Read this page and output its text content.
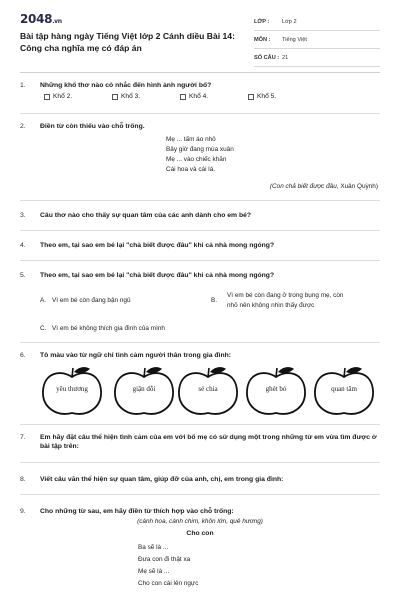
2048.vn
Bài tập hàng ngày Tiếng Việt lớp 2 Cánh diều Bài 14: Công cha nghĩa mẹ có đáp án
LỚP :	Lớp 2
MÔN :	Tiếng Việt
SỐ CÂU : 21
1.	Những khổ thơ nào có nhắc đến hình ảnh người bố?
Khổ 2.	Khổ 3.	Khổ 4.	Khổ 5.
2.	Điền từ còn thiếu vào chỗ trống.
Mẹ ... tấm áo nhỏ
Bây giờ đang mùa xuân
Mẹ ... vào chiếc khăn
Cái hoa và cái lá.
(Con chả biết được đâu, Xuân Quỳnh)
3.	Câu thơ nào cho thấy sự quan tâm của các anh dành cho em bé?
4.	Theo em, tại sao em bé lại "chả biết được đâu" khi cả nhà mong ngóng?
5.	Theo em, tại sao em bé lại "chả biết được đâu" khi cả nhà mong ngóng?
A. Vì em bé còn đang bận ngủ	B.
Vì em bé còn đang ở trong bụng mẹ, còn
nhỏ nên không nhìn thấy được
C. Vì em bé không thích gia đình của mình
6.	Tô màu vào từ ngữ chỉ tình cảm người thân trong gia đình:
yêu thương	giận dỗi	sẻ chia	ghét bỏ	quan tâm
7.	Em hãy đặt câu thể hiện tình cảm của em với bố mẹ có sử dụng một trong những từ em vừa tìm được ở bài tập trên:
8.	Viết câu văn thể hiện sự quan tâm, giúp đỡ của anh, chị, em trong gia đình:
9.	Cho những từ sau, em hãy điền từ thích hợp vào chỗ trống:
(cánh hoa, cánh chim, khôn lớn, quê hương)
Cho con
Ba sẽ là ...
Đưa con đi thật xa
Mẹ sẽ là ...
Cho con cài lên ngực
